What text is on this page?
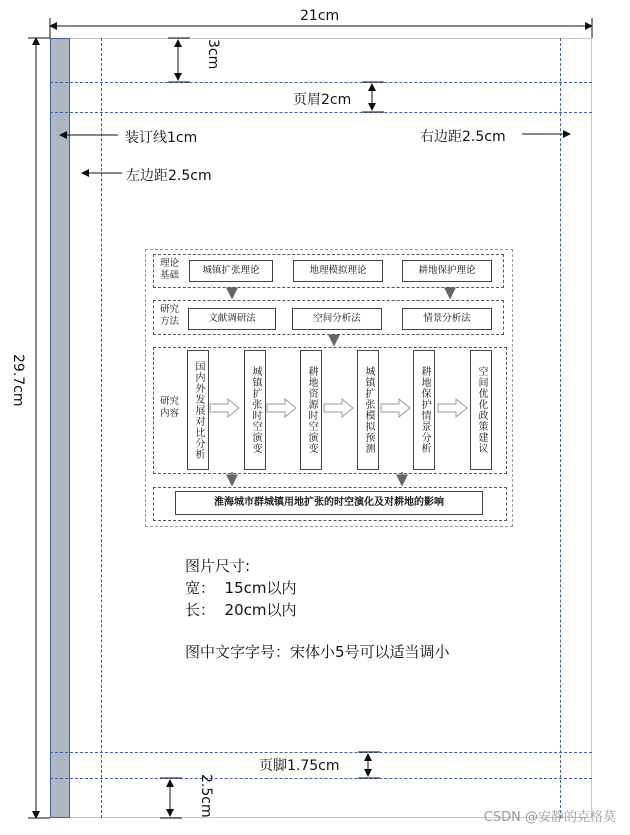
21cm
29.7cm
3cm
页眉2cm
装订线1cm	右边距2.5cm
左边距2.5cm
页脚1.75cm
2.5cm
理论
基础	城镇扩张理论	地理模拟理论	耕地保护理论
研究
方法	文献调研法	空间分析法	情景分析法
研究
内容	国内外发展对比分析	城镇扩张时空演变	耕地资源时空演变	城镇扩张模拟预测	耕地保护情景分析	空间优化政策建议
淮海城市群城镇用地扩张的时空演化及对耕地的影响
图片尺寸:
宽：  15cm以内
长：  20cm以内
图中文字字号：宋体小5号可以适当调小
CSDN @安静的克格莫
